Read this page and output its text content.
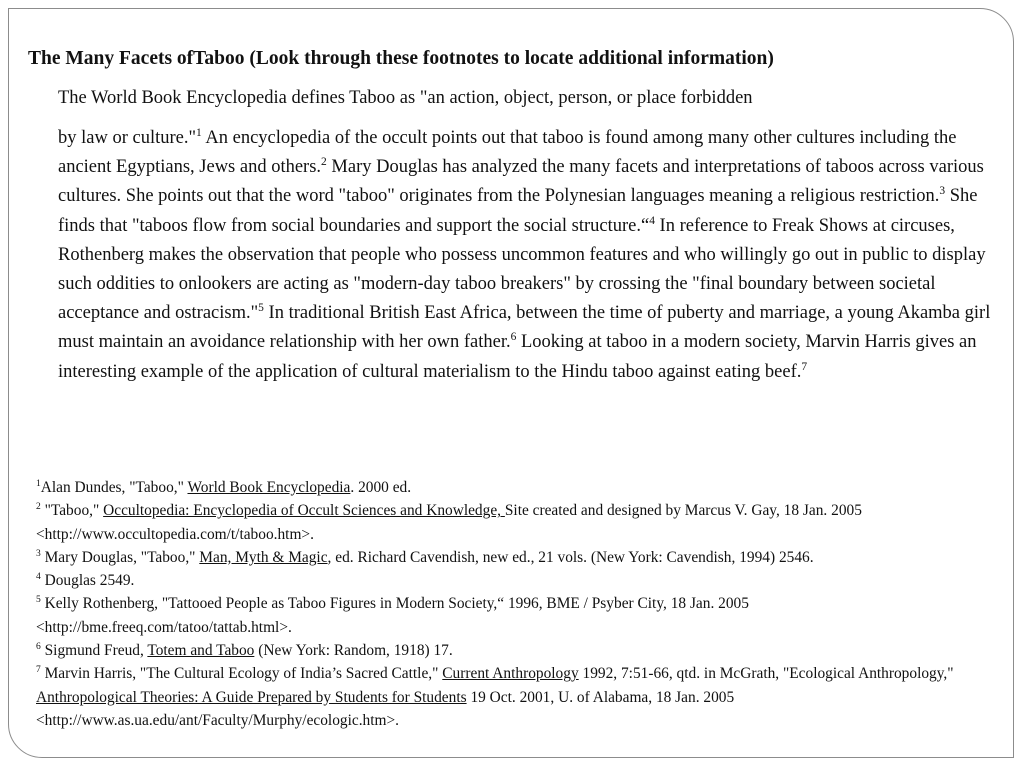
The Many Facets ofTaboo (Look through these footnotes to locate additional information)

The World Book Encyclopedia defines Taboo as "an action, object, person, or place forbidden

by law or culture."$^1$ An encyclopedia of the occult points out that taboo is found among many other cultures including the ancient Egyptians, Jews and others.$^2$ Mary Douglas has analyzed the many facets and interpretations of taboos across various cultures. She points out that the word "taboo" originates from the Polynesian languages meaning a religious restriction.$^3$ She finds that "taboos flow from social boundaries and support the social structure.“$^4$ In reference to Freak Shows at circuses, Rothenberg makes the observation that people who possess uncommon features and who willingly go out in public to display such oddities to onlookers are acting as "modern-day taboo breakers" by crossing the "final boundary between societal acceptance and ostracism."$^5$ In traditional British East Africa, between the time of puberty and marriage, a young Akamba girl must maintain an avoidance relationship with her own father.$^6$ Looking at taboo in a modern society, Marvin Harris gives an interesting example of the application of cultural materialism to the Hindu taboo against eating beef.$^7$

$^1$Alan Dundes, "Taboo," World Book Encyclopedia. 2000 ed.

$^2$ "Taboo," Occultopedia: Encyclopedia of Occult Sciences and Knowledge, Site created and designed by Marcus V. Gay, 18 Jan. 2005 <http://www.occultopedia.com/t/taboo.htm>.

$^3$ Mary Douglas, "Taboo," Man, Myth & Magic, ed. Richard Cavendish, new ed., 21 vols. (New York: Cavendish, 1994) 2546.

$^4$ Douglas 2549.

$^5$ Kelly Rothenberg, "Tattooed People as Taboo Figures in Modern Society,“ 1996, BME / Psyber City, 18 Jan. 2005 <http://bme.freeq.com/tatoo/tattab.html>.

$^6$ Sigmund Freud, Totem and Taboo (New York: Random, 1918) 17.

$^7$ Marvin Harris, "The Cultural Ecology of India’s Sacred Cattle," Current Anthropology 1992, 7:51-66, qtd. in McGrath, "Ecological Anthropology," Anthropological Theories: A Guide Prepared by Students for Students 19 Oct. 2001, U. of Alabama, 18 Jan. 2005 <http://www.as.ua.edu/ant/Faculty/Murphy/ecologic.htm>.
